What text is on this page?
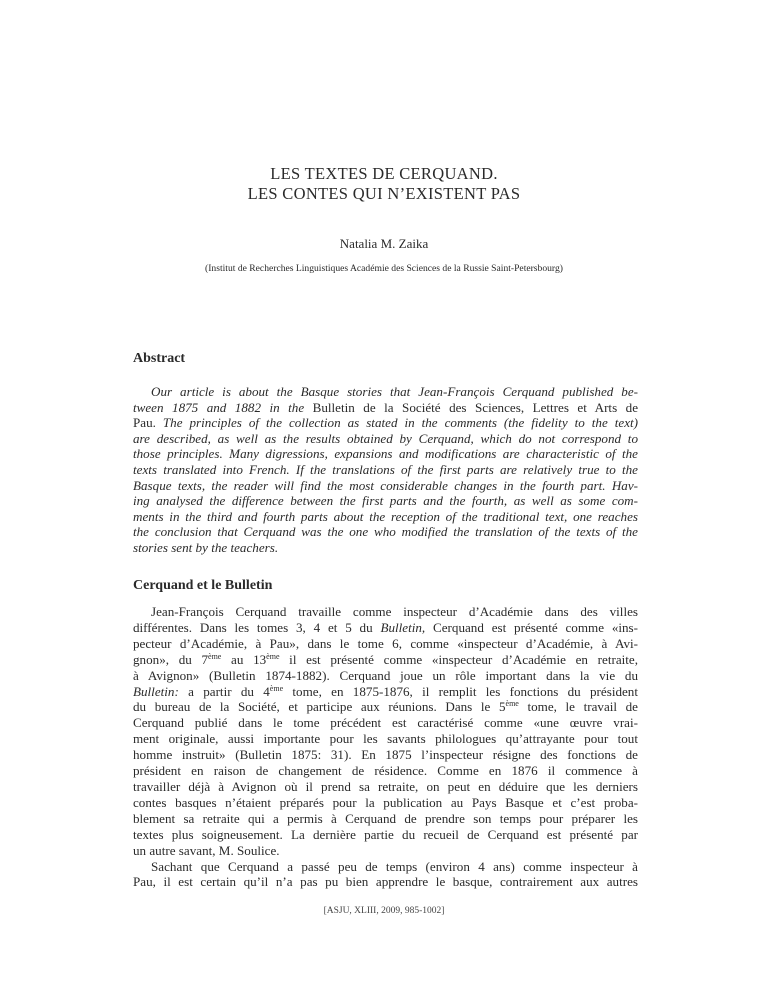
LES TEXTES DE CERQUAND.
LES CONTES QUI N’EXISTENT PAS
Natalia M. Zaika
(Institut de Recherches Linguistiques Académie des Sciences de la Russie Saint-Petersbourg)
Abstract
Our article is about the Basque stories that Jean-François Cerquand published be-
tween 1875 and 1882 in the Bulletin de la Société des Sciences, Lettres et Arts de
Pau. The principles of the collection as stated in the comments (the fidelity to the text)
are described, as well as the results obtained by Cerquand, which do not correspond to
those principles. Many digressions, expansions and modifications are characteristic of the
texts translated into French. If the translations of the first parts are relatively true to the
Basque texts, the reader will find the most considerable changes in the fourth part. Hav-
ing analysed the difference between the first parts and the fourth, as well as some com-
ments in the third and fourth parts about the reception of the traditional text, one reaches
the conclusion that Cerquand was the one who modified the translation of the texts of the
stories sent by the teachers.
Cerquand et le Bulletin
Jean-François Cerquand travaille comme inspecteur d’Académie dans des villes
différentes. Dans les tomes 3, 4 et 5 du Bulletin, Cerquand est présenté comme «ins-
pecteur d’Académie, à Pau», dans le tome 6, comme «inspecteur d’Académie, à Avi-
gnon», du 7ème au 13ème il est présenté comme «inspecteur d’Académie en retraite,
à Avignon» (Bulletin 1874-1882). Cerquand joue un rôle important dans la vie du
Bulletin: a partir du 4ème tome, en 1875-1876, il remplit les fonctions du président
du bureau de la Société, et participe aux réunions. Dans le 5ème tome, le travail de
Cerquand publié dans le tome précédent est caractérisé comme «une œuvre vrai-
ment originale, aussi importante pour les savants philologues qu’attrayante pour tout
homme instruit» (Bulletin 1875: 31). En 1875 l’inspecteur résigne des fonctions de
président en raison de changement de résidence. Comme en 1876 il commence à
travailler déjà à Avignon où il prend sa retraite, on peut en déduire que les derniers
contes basques n’étaient préparés pour la publication au Pays Basque et c’est proba-
blement sa retraite qui a permis à Cerquand de prendre son temps pour préparer les
textes plus soigneusement. La dernière partie du recueil de Cerquand est présenté par
un autre savant, M. Soulice.
Sachant que Cerquand a passé peu de temps (environ 4 ans) comme inspecteur à
Pau, il est certain qu’il n’a pas pu bien apprendre le basque, contrairement aux autres
[ASJU, XLIII, 2009, 985-1002]
